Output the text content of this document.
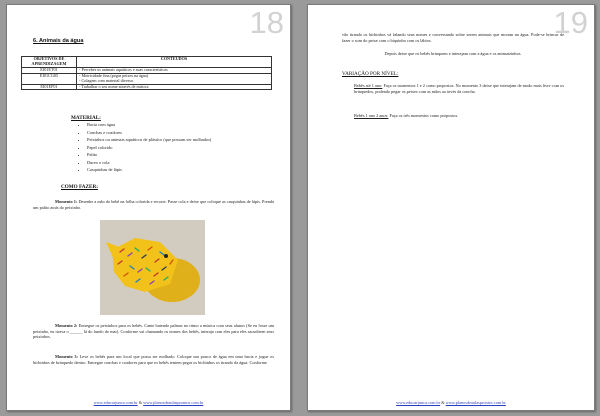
18
6. Animais da água
OBJETIVOS DE APRENDIZAGEM	CONTEÚDOS
EI01ET01	- Perceber os animais aquáticos e suas características
EI01CG05	- Motricidade fina (pegar peixes na água)
- Colagem com material diverso
EI01EF01	- Trabalhar o seu nome através de música
MATERIAL:
• Bacia com água
• Conchas e coadores
• Peixinhos ou animais aquáticos de plástico (que possam ser molhados)
• Papel colorido
• Palito
• Durex e cola
• Casquinhas de lápis
COMO FAZER:
Momento 1: Desenhe a mão do bebê na folha colorida e recorte. Passe cola e deixe que coloque as casquinhas de lápis. Prenda um palito atrás do peixinho.
Momento 2: Entregue os peixinhos para os bebês. Cante batendo palmas no ritmo a música com seus alunos (Se eu fosse um peixinho, eu tirava o ______ lá do fundo do mar). Conforme vai chamando os nomes dos bebês, interaja com eles para eles sacudirem seus peixinhos.
Momento 3: Leve os bebês para um local que possa ser molhado. Coloque um pouco de água em uma bacia e jogue os bichinhos de brinquedo dentro. Entregue conchas e coadores para que os bebês tentem pegar os bichinhos os tirando da água. Conforme
www.educarjunca.com.br & www.planosdeaulasprontos.com.br
19
vão tirando os bichinhos vá falando seus nomes e conversando sobre serem animais que moram na água. Pode-se brincar de fazer o som do peixe com o biquinho com os lábios.
Depois deixe que os bebês brinquem e interajam com a água e os animaizinhos.
VARIAÇÃO POR NÍVEL:
Bebês até 1 ano: Faça os momentos 1 e 2 como propostos. No momento 3 deixe que interajam de modo mais livre com os brinquedos, podendo pegar os peixes com as mãos ao invés da concha.
Bebês 1 ano 2 anos: Faça os três momentos como propostos.
www.educarjunca.com.br & www.planosdeaulasprontos.com.br
